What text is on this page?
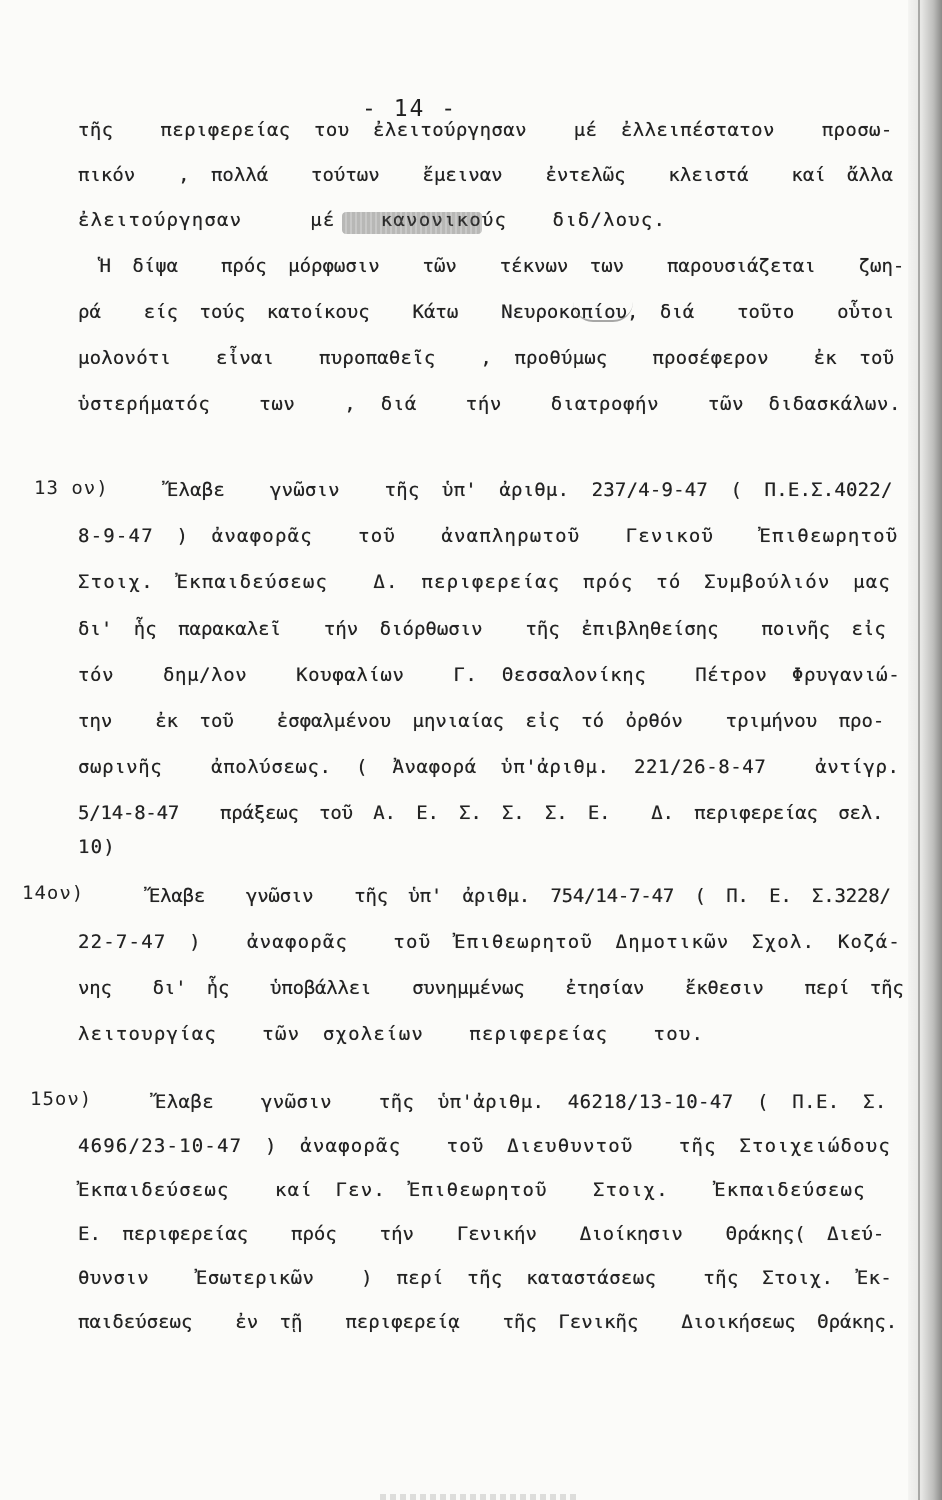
- 14 -
τῆς  περιφερείας του ἐλειτούργησαν  μέ ἐλλειπέστατον  προσω-
πικόν  , πολλά  τούτων  ἔμειναν  ἐντελῶς  κλειστά  καί ἄλλα
ἐλειτούργησαν   μέ  κανονικούς  διδ/λους.
Ἡ δίψα  πρός μόρφωσιν  τῶν  τέκνων των  παρουσιάζεται  ζωη-
ρά  είς τούς κατοίκους  Κάτω  Νευροκοπίου, διά  τοῦτο  οὗτοι
μολονότι  εἶναι  πυροπαθεῖς  , προθύμως  προσέφερον  ἐκ τοῦ
ὑστερήματός  των  , διά  τήν  διατροφήν  τῶν διδασκάλων.
13 ον) Ἔλαβε  γνῶσιν  τῆς ὑπ' ἀριθμ. 237/4-9-47 ( Π.Ε.Σ.4022/
8-9-47 ) ἀναφορᾶς  τοῦ  ἀναπληρωτοῦ  Γενικοῦ  Ἐπιθεωρητοῦ
Στοιχ. Ἐκπαιδεύσεως  Δ. περιφερείας πρός τό Συμβούλιόν μας
δι' ἧς παρακαλεῖ  τήν διόρθωσιν  τῆς ἐπιβληθείσης  ποινῆς εἰς
τόν  δημ/λον  Κουφαλίων  Γ. Θεσσαλονίκης  Πέτρον Φρυγανιώ-
την  ἐκ τοῦ  ἐσφαλμένου μηνιαίας εἰς τό ὀρθόν  τριμήνου προ-
σωρινῆς  ἀπολύσεως. ( Ἀναφορά ὑπ'ἀριθμ. 221/26-8-47  ἀντίγρ.
5/14-8-47  πράξεως τοῦ Α. Ε. Σ. Σ. Σ. Ε.  Δ. περιφερείας σελ.
10)
14ον) Ἔλαβε  γνῶσιν  τῆς ὑπ' ἀριθμ. 754/14-7-47 ( Π. Ε. Σ.3228/
22-7-47 )  ἀναφορᾶς  τοῦ Ἐπιθεωρητοῦ Δημοτικῶν Σχολ. Κοζά-
νης  δι' ἧς  ὑποβάλλει  συνημμένως  ἐτησίαν  ἔκθεσιν  περί τῆς
λειτουργίας  τῶν σχολείων  περιφερείας  του.
15ον) Ἔλαβε  γνῶσιν  τῆς ὑπ'ἀριθμ. 46218/13-10-47 ( Π.Ε. Σ.
4696/23-10-47 ) ἀναφορᾶς  τοῦ Διευθυντοῦ  τῆς Στοιχειώδους
Ἐκπαιδεύσεως  καί Γεν. Ἐπιθεωρητοῦ  Στοιχ.  Ἐκπαιδεύσεως
Ε. περιφερείας  πρός  τήν  Γενικήν  Διοίκησιν  Θράκης( Διεύ-
θυνσιν  Ἐσωτερικῶν  ) περί τῆς καταστάσεως  τῆς Στοιχ. Ἐκ-
παιδεύσεως  ἐν τῇ  περιφερείᾳ  τῆς Γενικῆς  Διοικήσεως Θράκης.
